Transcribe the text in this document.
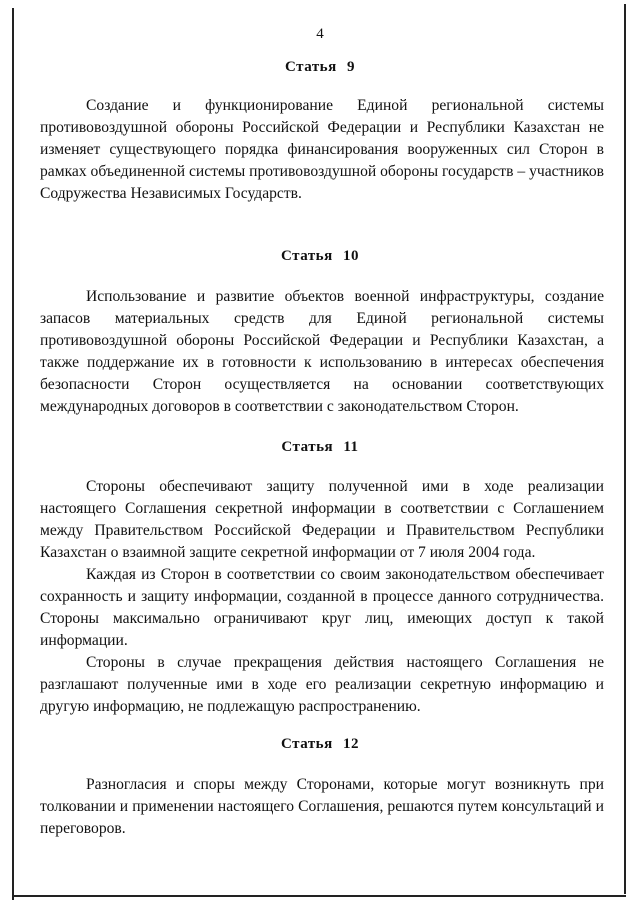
4
Статья 9

Создание и функционирование Единой региональной системы противовоздушной обороны Российской Федерации и Республики Казахстан не изменяет существующего порядка финансирования вооруженных сил Сторон в рамках объединенной системы противовоздушной обороны государств – участников Содружества Независимых Государств.

Статья 10

Использование и развитие объектов военной инфраструктуры, создание запасов материальных средств для Единой региональной системы противовоздушной обороны Российской Федерации и Республики Казахстан, а также поддержание их в готовности к использованию в интересах обеспечения безопасности Сторон осуществляется на основании соответствующих международных договоров в соответствии с законодательством Сторон.

Статья 11

Стороны обеспечивают защиту полученной ими в ходе реализации настоящего Соглашения секретной информации в соответствии с Соглашением между Правительством Российской Федерации и Правительством Республики Казахстан о взаимной защите секретной информации от 7 июля 2004 года.

Каждая из Сторон в соответствии со своим законодательством обеспечивает сохранность и защиту информации, созданной в процессе данного сотрудничества. Стороны максимально ограничивают круг лиц, имеющих доступ к такой информации.

Стороны в случае прекращения действия настоящего Соглашения не разглашают полученные ими в ходе его реализации секретную информацию и другую информацию, не подлежащую распространению.

Статья 12

Разногласия и споры между Сторонами, которые могут возникнуть при толковании и применении настоящего Соглашения, решаются путем консультаций и переговоров.
